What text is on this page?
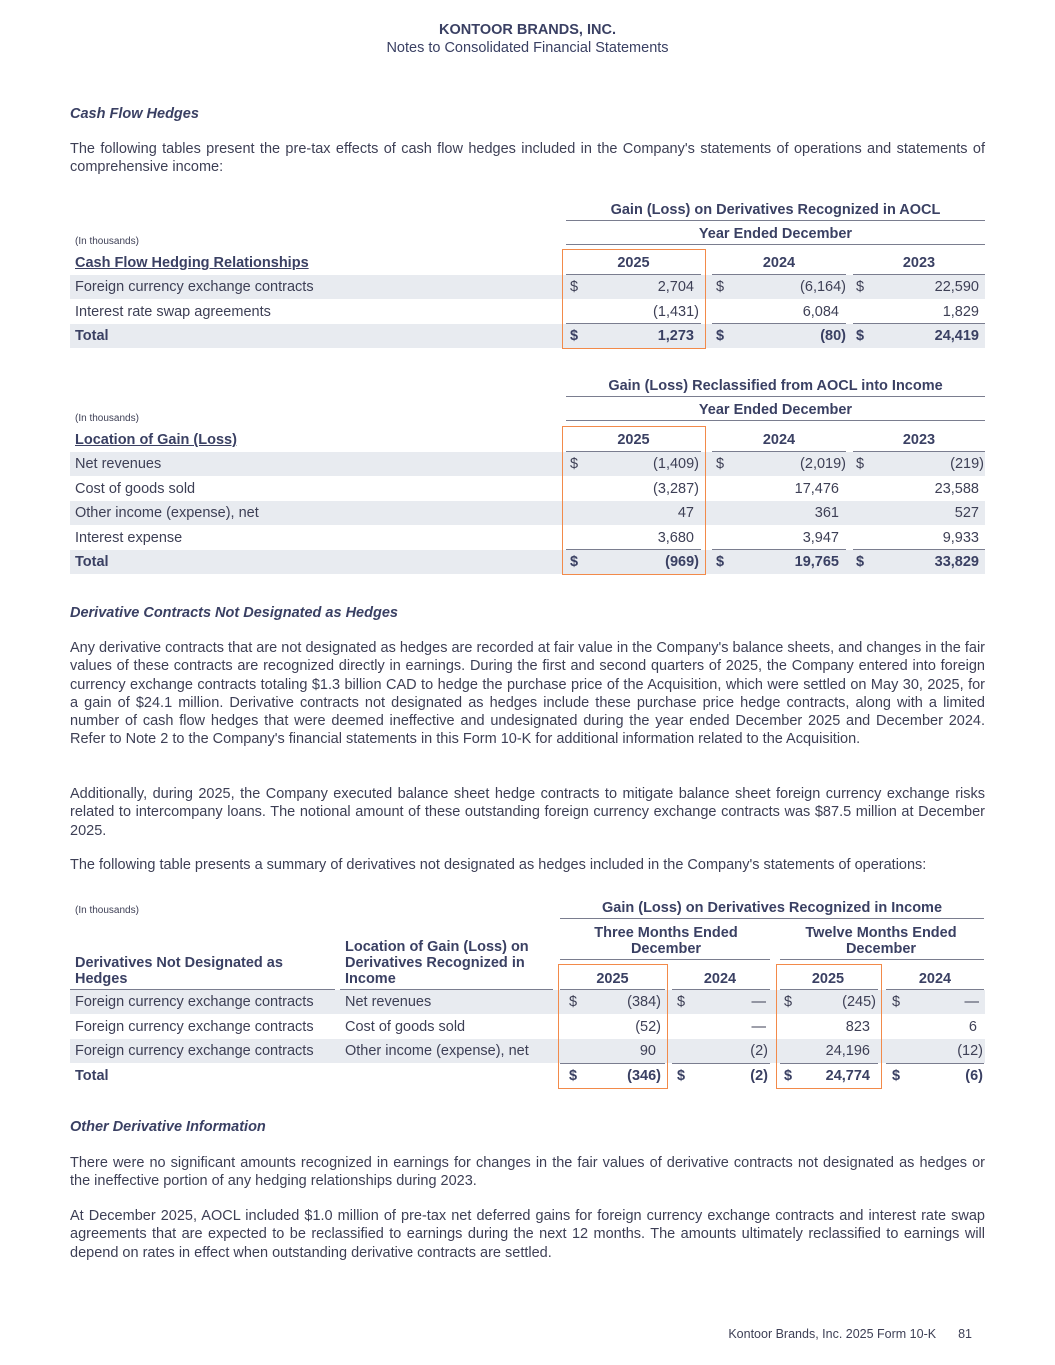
KONTOOR BRANDS, INC.
Notes to Consolidated Financial Statements
Cash Flow Hedges
The following tables present the pre-tax effects of cash flow hedges included in the Company's statements of operations and statements of comprehensive income:
Gain (Loss) on Derivatives Recognized in AOCL
(In thousands)	Year Ended December
Cash Flow Hedging Relationships	2025	2024	2023
Foreign currency exchange contracts	$	2,704 $	(6,164) $	22,590
Interest rate swap agreements	(1,431)	6,084	1,829
Total	$	1,273 $	(80) $	24,419
Gain (Loss) Reclassified from AOCL into Income
(In thousands)
Year Ended December
Location of Gain (Loss)	2025	2024	2023
Net revenues	$	(1,409) $	(2,019) $	(219)
Cost of goods sold	(3,287)	17,476	23,588
Other income (expense), net	47	361	527
Interest expense	3,680	3,947	9,933
Total	$	(969) $	19,765 $	33,829
Derivative Contracts Not Designated as Hedges
Any derivative contracts that are not designated as hedges are recorded at fair value in the Company's balance sheets, and changes in the fair values of these contracts are recognized directly in earnings. During the first and second quarters of 2025, the Company entered into foreign currency exchange contracts totaling $1.3 billion CAD to hedge the purchase price of the Acquisition, which were settled on May 30, 2025, for a gain of $24.1 million. Derivative contracts not designated as hedges include these purchase price hedge contracts, along with a limited number of cash flow hedges that were deemed ineffective and undesignated during the year ended December 2025 and December 2024. Refer to Note 2 to the Company's financial statements in this Form 10-K for additional information related to the Acquisition.
Additionally, during 2025, the Company executed balance sheet hedge contracts to mitigate balance sheet foreign currency exchange risks related to intercompany loans. The notional amount of these outstanding foreign currency exchange contracts was $87.5 million at December 2025.
The following table presents a summary of derivatives not designated as hedges included in the Company's statements of operations:
(In thousands)	Gain (Loss) on Derivatives Recognized in Income
Three Months Ended December
Twelve Months Ended December
Derivatives Not Designated as Hedges
Location of Gain (Loss) on Derivatives Recognized in Income	2025	2024	2025	2024
Foreign currency exchange contracts Net revenues	$	(384) $	— $	(245) $	—
Foreign currency exchange contracts Cost of goods sold	(52)	—	823	6
Foreign currency exchange contracts Other income (expense), net	90	(2)	24,196	(12)
Total	$	(346) $	(2) $	24,774 $	(6)
Other Derivative Information
There were no significant amounts recognized in earnings for changes in the fair values of derivative contracts not designated as hedges or the ineffective portion of any hedging relationships during 2023.
At December 2025, AOCL included $1.0 million of pre-tax net deferred gains for foreign currency exchange contracts and interest rate swap agreements that are expected to be reclassified to earnings during the next 12 months. The amounts ultimately reclassified to earnings will depend on rates in effect when outstanding derivative contracts are settled.
Kontoor Brands, Inc. 2025 Form 10-K 81
